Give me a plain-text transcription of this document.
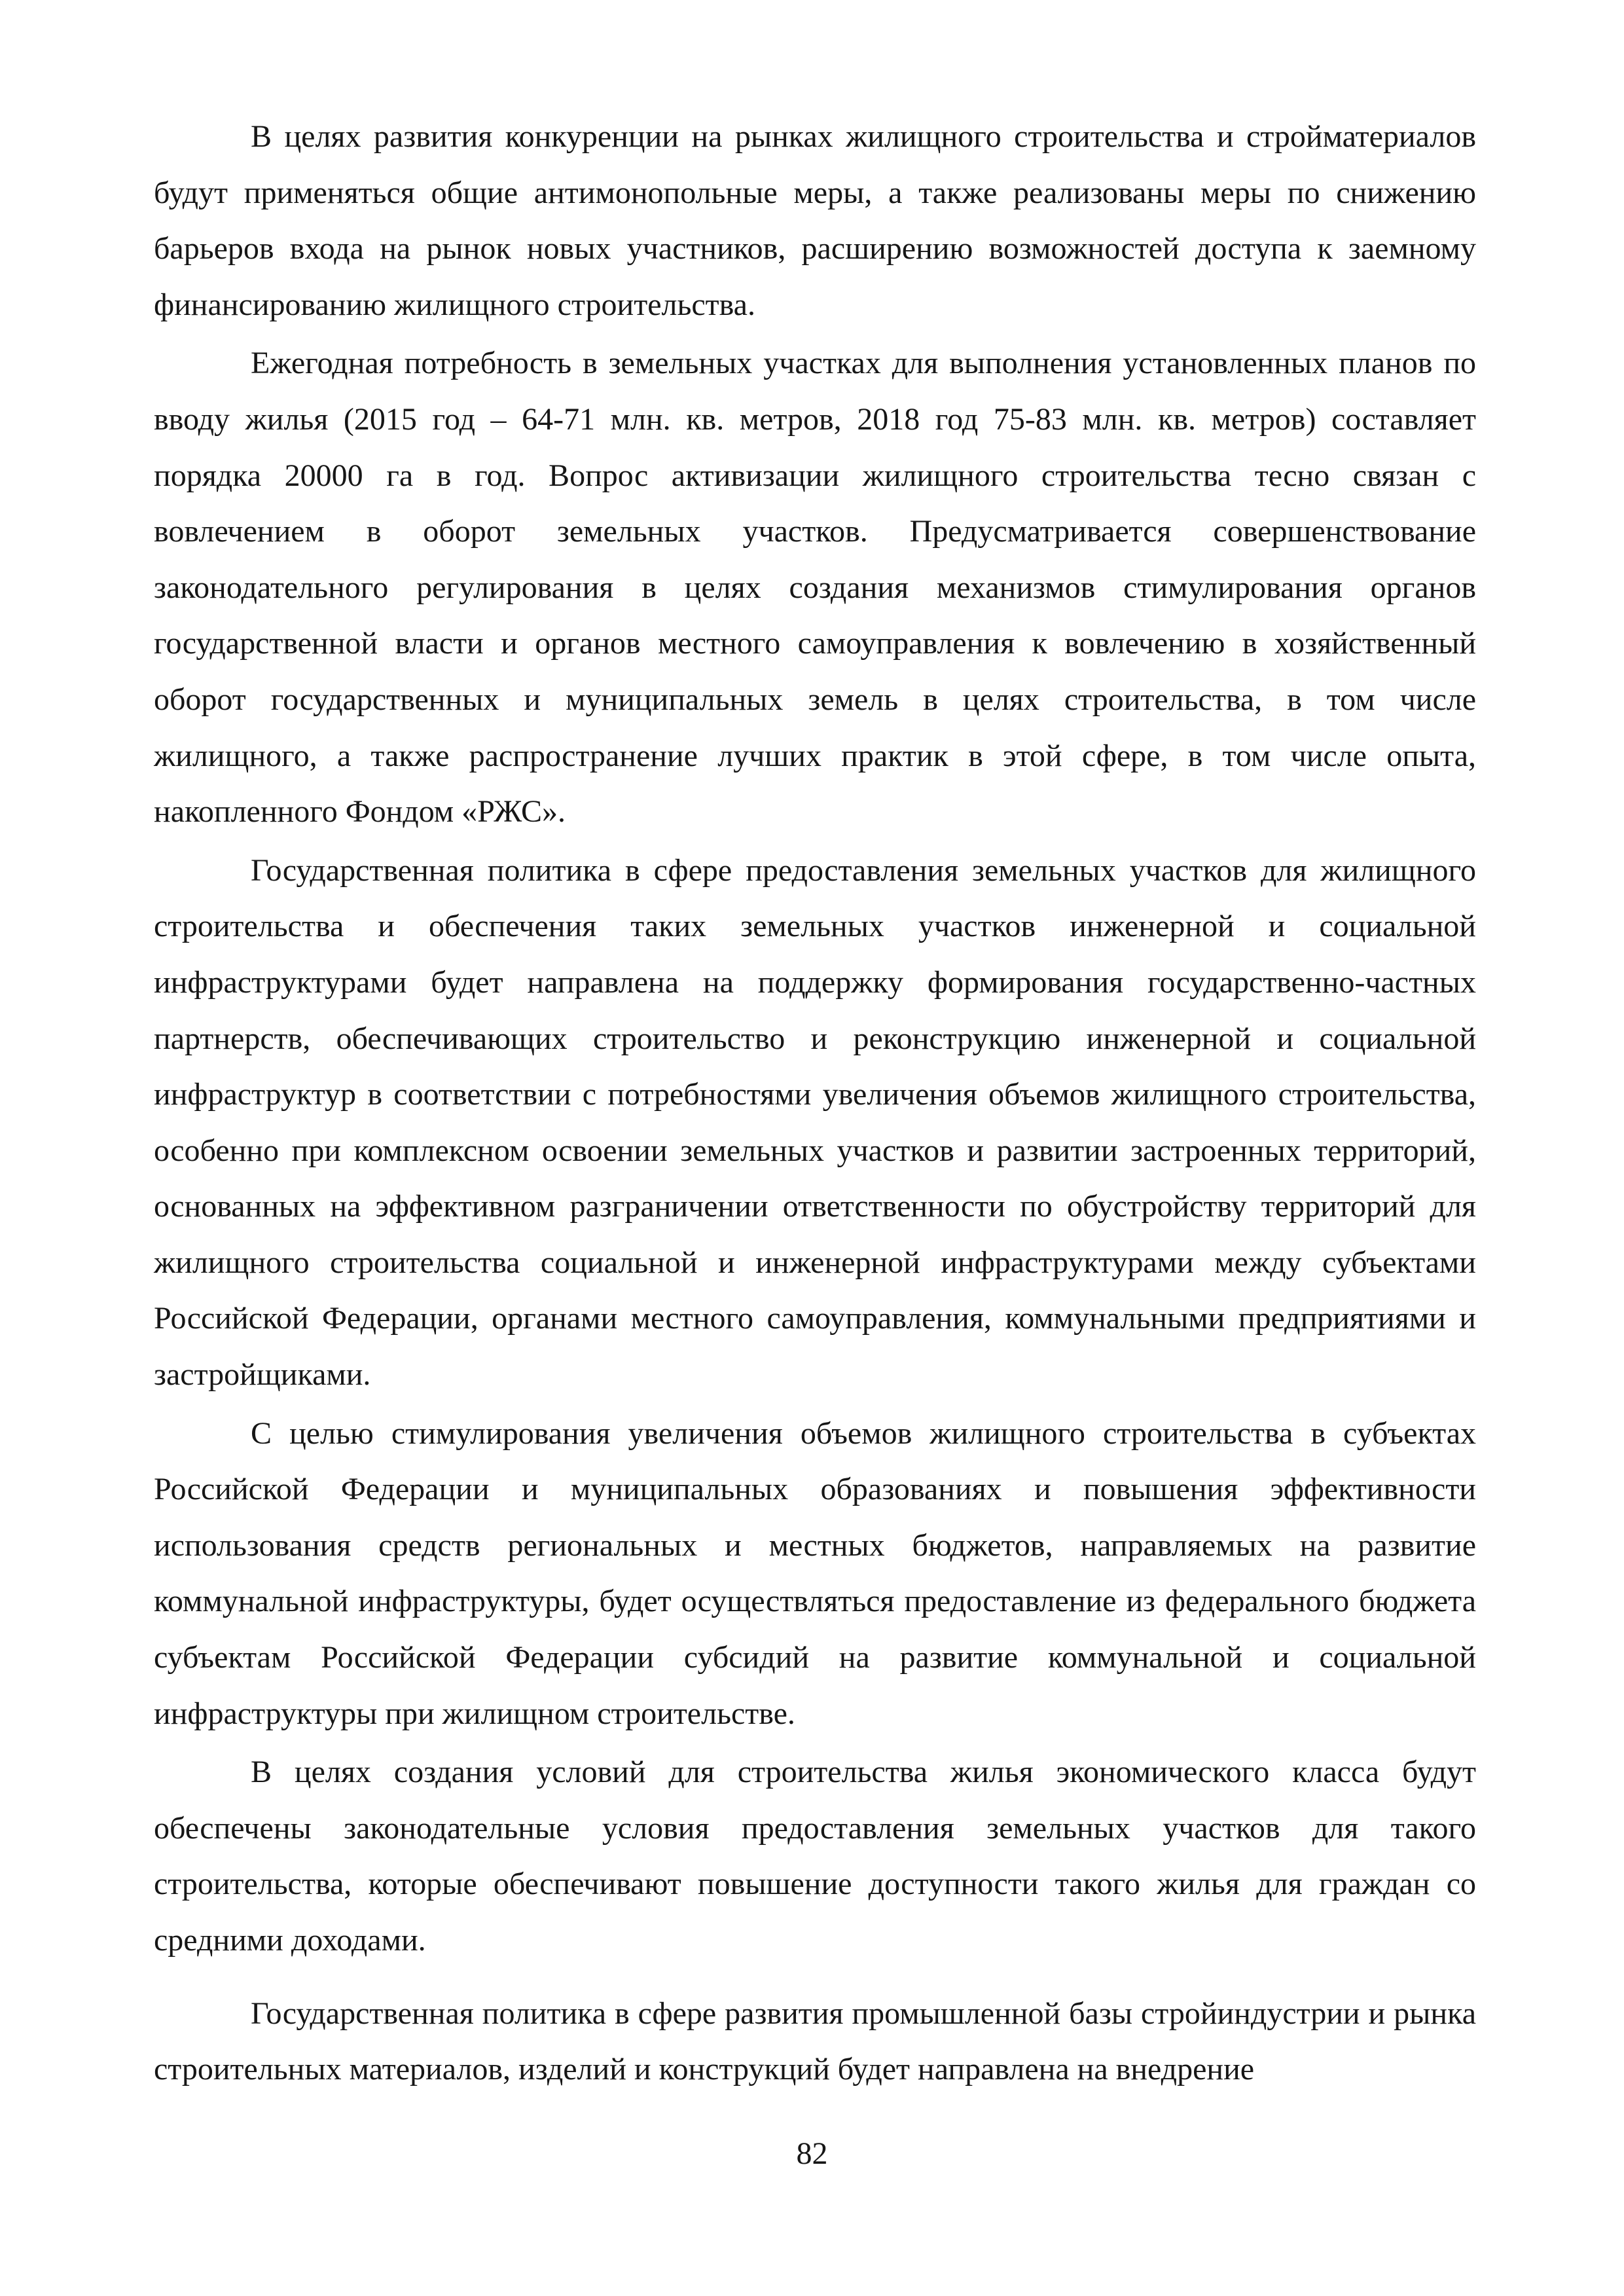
В целях развития конкуренции на рынках жилищного строительства и стройматериалов будут применяться общие антимонопольные меры, а также реализованы меры по снижению барьеров входа на рынок новых участников, расширению возможностей доступа к заемному финансированию жилищного строительства.

Ежегодная потребность в земельных участках для выполнения установленных планов по вводу жилья (2015 год – 64-71 млн. кв. метров, 2018 год 75-83 млн. кв. метров) составляет порядка 20000 га в год. Вопрос активизации жилищного строительства тесно связан с вовлечением в оборот земельных участков. Предусматривается совершенствование законодательного регулирования в целях создания механизмов стимулирования органов государственной власти и органов местного самоуправления к вовлечению в хозяйственный оборот государственных и муниципальных земель в целях строительства, в том числе жилищного, а также распространение лучших практик в этой сфере, в том числе опыта, накопленного Фондом «РЖС».

Государственная политика в сфере предоставления земельных участков для жилищного строительства и обеспечения таких земельных участков инженерной и социальной инфраструктурами будет направлена на поддержку формирования государственно-частных партнерств, обеспечивающих строительство и реконструкцию инженерной и социальной инфраструктур в соответствии с потребностями увеличения объемов жилищного строительства, особенно при комплексном освоении земельных участков и развитии застроенных территорий, основанных на эффективном разграничении ответственности по обустройству территорий для жилищного строительства социальной и инженерной инфраструктурами между субъектами Российской Федерации, органами местного самоуправления, коммунальными предприятиями и застройщиками.

С целью стимулирования увеличения объемов жилищного строительства в субъектах Российской Федерации и муниципальных образованиях и повышения эффективности использования средств региональных и местных бюджетов, направляемых на развитие коммунальной инфраструктуры, будет осуществляться предоставление из федерального бюджета субъектам Российской Федерации субсидий на развитие коммунальной и социальной инфраструктуры при жилищном строительстве.

В целях создания условий для строительства жилья экономического класса будут обеспечены законодательные условия предоставления земельных участков для такого строительства, которые обеспечивают повышение доступности такого жилья для граждан со средними доходами.

Государственная политика в сфере развития промышленной базы стройиндустрии и рынка строительных материалов, изделий и конструкций будет направлена на внедрение

82
